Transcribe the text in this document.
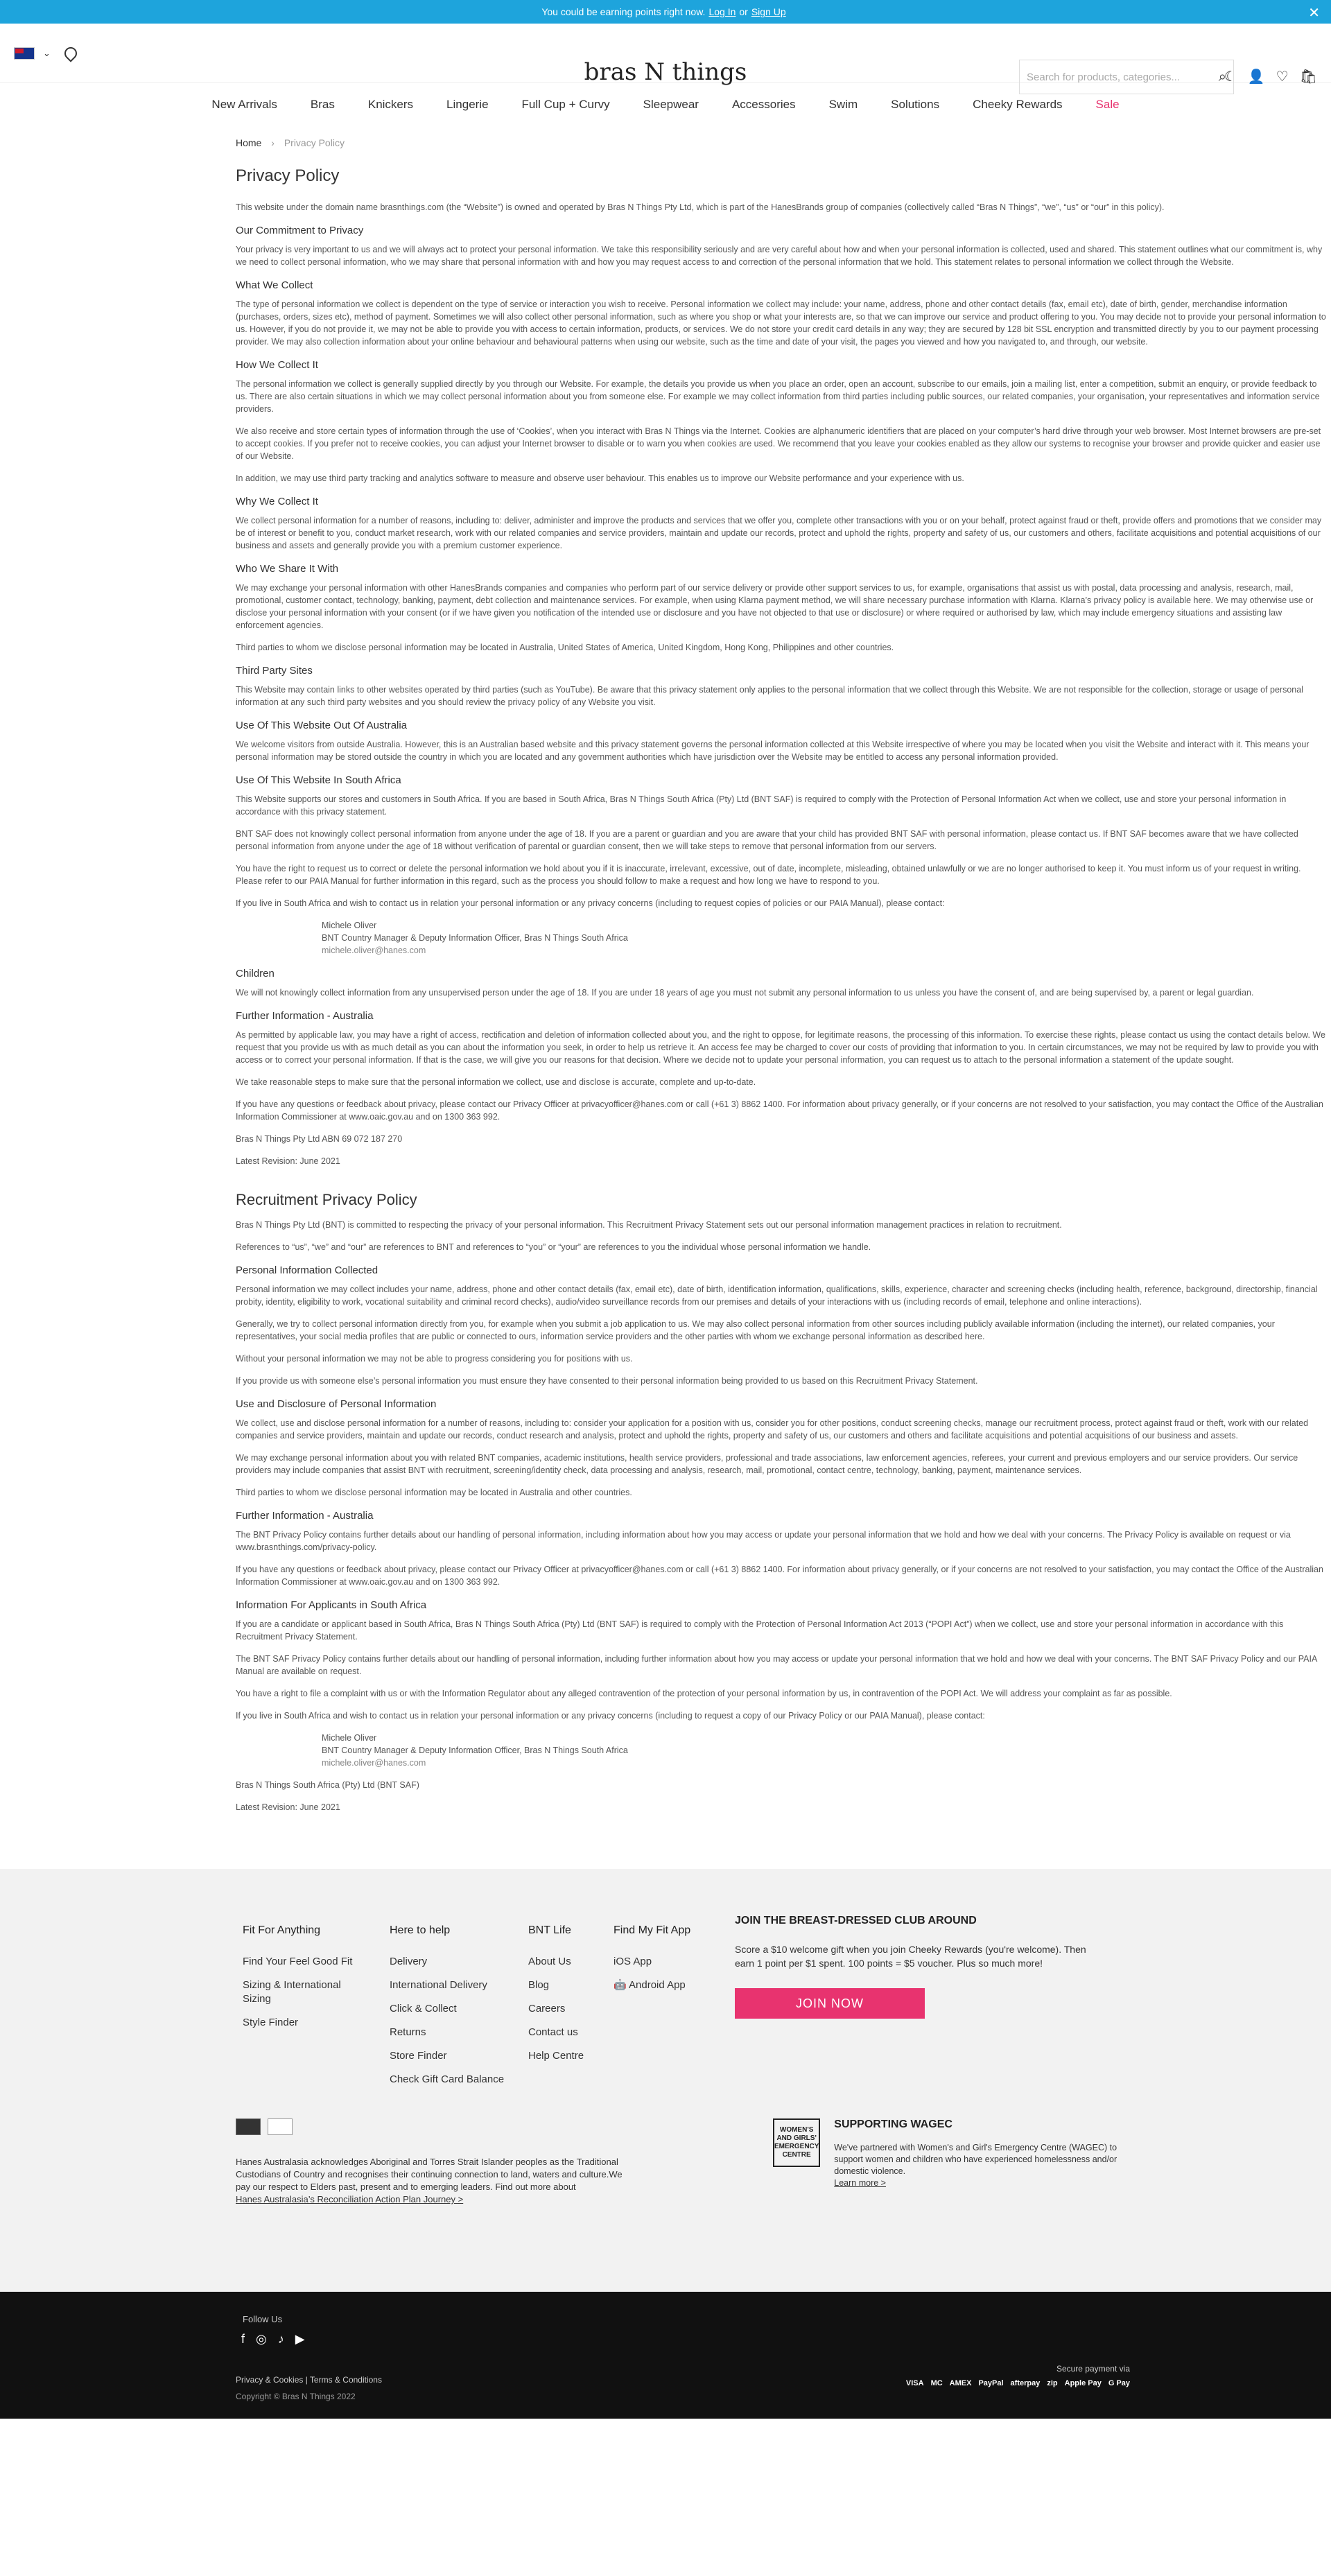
You could be earning points right now. Log In or Sign Up	✕
⌄
bras N things	Search for products, categories...	⌕
☾ 👤 ♡ 🛍
New Arrivals	Bras	Knickers	Lingerie	Full Cup + Curvy	Sleepwear	Accessories	Swim	Solutions	Cheeky Rewards	Sale
Home › Privacy Policy
Privacy Policy

This website under the domain name brasnthings.com (the “Website”) is owned and operated by Bras N Things Pty Ltd, which is part of the HanesBrands group of companies (collectively called “Bras N Things”, “we”, “us” or “our” in this policy).

Our Commitment to Privacy

Your privacy is very important to us and we will always act to protect your personal information. We take this responsibility seriously and are very careful about how and when your personal information is collected, used and shared. This statement outlines what our commitment is, why we need to collect personal information, who we may share that personal information with and how you may request access to and correction of the personal information that we hold. This statement relates to personal information we collect through the Website.

What We Collect

The type of personal information we collect is dependent on the type of service or interaction you wish to receive. Personal information we collect may include: your name, address, phone and other contact details (fax, email etc), date of birth, gender, merchandise information (purchases, orders, sizes etc), method of payment. Sometimes we will also collect other personal information, such as where you shop or what your interests are, so that we can improve our service and product offering to you. You may decide not to provide your personal information to us. However, if you do not provide it, we may not be able to provide you with access to certain information, products, or services. We do not store your credit card details in any way; they are secured by 128 bit SSL encryption and transmitted directly by you to our payment processing provider. We may also collection information about your online behaviour and behavioural patterns when using our website, such as the time and date of your visit, the pages you viewed and how you navigated to, and through, our website.

How We Collect It

The personal information we collect is generally supplied directly by you through our Website. For example, the details you provide us when you place an order, open an account, subscribe to our emails, join a mailing list, enter a competition, submit an enquiry, or provide feedback to us. There are also certain situations in which we may collect personal information about you from someone else. For example we may collect information from third parties including public sources, our related companies, your organisation, your representatives and information service providers.

We also receive and store certain types of information through the use of ‘Cookies’, when you interact with Bras N Things via the Internet. Cookies are alphanumeric identifiers that are placed on your computer’s hard drive through your web browser. Most Internet browsers are pre-set to accept cookies. If you prefer not to receive cookies, you can adjust your Internet browser to disable or to warn you when cookies are used. We recommend that you leave your cookies enabled as they allow our systems to recognise your browser and provide quicker and easier use of our Website.

In addition, we may use third party tracking and analytics software to measure and observe user behaviour. This enables us to improve our Website performance and your experience with us.

Why We Collect It

We collect personal information for a number of reasons, including to: deliver, administer and improve the products and services that we offer you, complete other transactions with you or on your behalf, protect against fraud or theft, provide offers and promotions that we consider may be of interest or benefit to you, conduct market research, work with our related companies and service providers, maintain and update our records, protect and uphold the rights, property and safety of us, our customers and others, facilitate acquisitions and potential acquisitions of our business and assets and generally provide you with a premium customer experience.

Who We Share It With

We may exchange your personal information with other HanesBrands companies and companies who perform part of our service delivery or provide other support services to us, for example, organisations that assist us with postal, data processing and analysis, research, mail, promotional, customer contact, technology, banking, payment, debt collection and maintenance services. For example, when using Klarna payment method, we will share necessary purchase information with Klarna. Klarna’s privacy policy is available here. We may otherwise use or disclose your personal information with your consent (or if we have given you notification of the intended use or disclosure and you have not objected to that use or disclosure) or where required or authorised by law, which may include emergency situations and assisting law enforcement agencies.

Third parties to whom we disclose personal information may be located in Australia, United States of America, United Kingdom, Hong Kong, Philippines and other countries.

Third Party Sites

This Website may contain links to other websites operated by third parties (such as YouTube). Be aware that this privacy statement only applies to the personal information that we collect through this Website. We are not responsible for the collection, storage or usage of personal information at any such third party websites and you should review the privacy policy of any Website you visit.

Use Of This Website Out Of Australia

We welcome visitors from outside Australia. However, this is an Australian based website and this privacy statement governs the personal information collected at this Website irrespective of where you may be located when you visit the Website and interact with it. This means your personal information may be stored outside the country in which you are located and any government authorities which have jurisdiction over the Website may be entitled to access any personal information provided.

Use Of This Website In South Africa

This Website supports our stores and customers in South Africa. If you are based in South Africa, Bras N Things South Africa (Pty) Ltd (BNT SAF) is required to comply with the Protection of Personal Information Act when we collect, use and store your personal information in accordance with this privacy statement.

BNT SAF does not knowingly collect personal information from anyone under the age of 18. If you are a parent or guardian and you are aware that your child has provided BNT SAF with personal information, please contact us. If BNT SAF becomes aware that we have collected personal information from anyone under the age of 18 without verification of parental or guardian consent, then we will take steps to remove that personal information from our servers.

You have the right to request us to correct or delete the personal information we hold about you if it is inaccurate, irrelevant, excessive, out of date, incomplete, misleading, obtained unlawfully or we are no longer authorised to keep it. You must inform us of your request in writing. Please refer to our PAIA Manual for further information in this regard, such as the process you should follow to make a request and how long we have to respond to you.

If you live in South Africa and wish to contact us in relation your personal information or any privacy concerns (including to request copies of policies or our PAIA Manual), please contact:

Michele Oliver
BNT Country Manager & Deputy Information Officer, Bras N Things South Africa
michele.oliver@hanes.com
Children

We will not knowingly collect information from any unsupervised person under the age of 18. If you are under 18 years of age you must not submit any personal information to us unless you have the consent of, and are being supervised by, a parent or legal guardian.

Further Information - Australia

As permitted by applicable law, you may have a right of access, rectification and deletion of information collected about you, and the right to oppose, for legitimate reasons, the processing of this information. To exercise these rights, please contact us using the contact details below. We request that you provide us with as much detail as you can about the information you seek, in order to help us retrieve it. An access fee may be charged to cover our costs of providing that information to you. In certain circumstances, we may not be required by law to provide you with access or to correct your personal information. If that is the case, we will give you our reasons for that decision. Where we decide not to update your personal information, you can request us to attach to the personal information a statement of the update sought.

We take reasonable steps to make sure that the personal information we collect, use and disclose is accurate, complete and up-to-date.

If you have any questions or feedback about privacy, please contact our Privacy Officer at privacyofficer@hanes.com or call (+61 3) 8862 1400. For information about privacy generally, or if your concerns are not resolved to your satisfaction, you may contact the Office of the Australian Information Commissioner at www.oaic.gov.au and on 1300 363 992.

Bras N Things Pty Ltd ABN 69 072 187 270

Latest Revision: June 2021

Recruitment Privacy Policy

Bras N Things Pty Ltd (BNT) is committed to respecting the privacy of your personal information. This Recruitment Privacy Statement sets out our personal information management practices in relation to recruitment.

References to “us”, “we” and “our” are references to BNT and references to “you” or “your” are references to you the individual whose personal information we handle.

Personal Information Collected

Personal information we may collect includes your name, address, phone and other contact details (fax, email etc), date of birth, identification information, qualifications, skills, experience, character and screening checks (including health, reference, background, directorship, financial probity, identity, eligibility to work, vocational suitability and criminal record checks), audio/video surveillance records from our premises and details of your interactions with us (including records of email, telephone and online interactions).

Generally, we try to collect personal information directly from you, for example when you submit a job application to us. We may also collect personal information from other sources including publicly available information (including the internet), our related companies, your representatives, your social media profiles that are public or connected to ours, information service providers and the other parties with whom we exchange personal information as described here.

Without your personal information we may not be able to progress considering you for positions with us.

If you provide us with someone else’s personal information you must ensure they have consented to their personal information being provided to us based on this Recruitment Privacy Statement.

Use and Disclosure of Personal Information

We collect, use and disclose personal information for a number of reasons, including to: consider your application for a position with us, consider you for other positions, conduct screening checks, manage our recruitment process, protect against fraud or theft, work with our related companies and service providers, maintain and update our records, conduct research and analysis, protect and uphold the rights, property and safety of us, our customers and others and facilitate acquisitions and potential acquisitions of our business and assets.

We may exchange personal information about you with related BNT companies, academic institutions, health service providers, professional and trade associations, law enforcement agencies, referees, your current and previous employers and our service providers. Our service providers may include companies that assist BNT with recruitment, screening/identity check, data processing and analysis, research, mail, promotional, contact centre, technology, banking, payment, maintenance services.

Third parties to whom we disclose personal information may be located in Australia and other countries.

Further Information - Australia

The BNT Privacy Policy contains further details about our handling of personal information, including information about how you may access or update your personal information that we hold and how we deal with your concerns. The Privacy Policy is available on request or via www.brasnthings.com/privacy-policy.

If you have any questions or feedback about privacy, please contact our Privacy Officer at privacyofficer@hanes.com or call (+61 3) 8862 1400. For information about privacy generally, or if your concerns are not resolved to your satisfaction, you may contact the Office of the Australian Information Commissioner at www.oaic.gov.au and on 1300 363 992.

Information For Applicants in South Africa

If you are a candidate or applicant based in South Africa, Bras N Things South Africa (Pty) Ltd (BNT SAF) is required to comply with the Protection of Personal Information Act 2013 (“POPI Act”) when we collect, use and store your personal information in accordance with this Recruitment Privacy Statement.

The BNT SAF Privacy Policy contains further details about our handling of personal information, including further information about how you may access or update your personal information that we hold and how we deal with your concerns. The BNT SAF Privacy Policy and our PAIA Manual are available on request.

You have a right to file a complaint with us or with the Information Regulator about any alleged contravention of the protection of your personal information by us, in contravention of the POPI Act. We will address your complaint as far as possible.

If you live in South Africa and wish to contact us in relation your personal information or any privacy concerns (including to request a copy of our Privacy Policy or our PAIA Manual), please contact:

Michele Oliver
BNT Country Manager & Deputy Information Officer, Bras N Things South Africa
michele.oliver@hanes.com

Bras N Things South Africa (Pty) Ltd (BNT SAF)

Latest Revision: June 2021

Fit For Anything
Find Your Feel Good Fit
Sizing & International Sizing
Style Finder
Here to help
Delivery
International Delivery
Click & Collect
Returns
Store Finder
Check Gift Card Balance
BNT Life
About Us
Blog
Careers
Contact us
Help Centre
Find My Fit App
iOS App
🤖 Android App
JOIN THE BREAST-DRESSED CLUB AROUND
Score a $10 welcome gift when you join Cheeky Rewards (you're welcome). Then earn 1 point per $1 spent. 100 points = $5 voucher. Plus so much more!
JOIN NOW
Hanes Australasia acknowledges Aboriginal and Torres Strait Islander peoples as the Traditional Custodians of Country and recognises their continuing connection to land, waters and culture.We pay our respect to Elders past, present and to emerging leaders. Find out more about
Hanes Australasia’s Reconciliation Action Plan Journey >
WOMEN'S AND GIRLS' EMERGENCY CENTRE
SUPPORTING WAGEC
We've partnered with Women's and Girl's Emergency Centre (WAGEC) to support women and children who have experienced homelessness and/or domestic violence.
Learn more >
Follow Us
f ◎ ♪ ▶
Privacy & Cookies | Terms & Conditions
Copyright © Bras N Things 2022
Secure payment via
VISA MC AMEX PayPal afterpay zip Apple Pay G Pay
